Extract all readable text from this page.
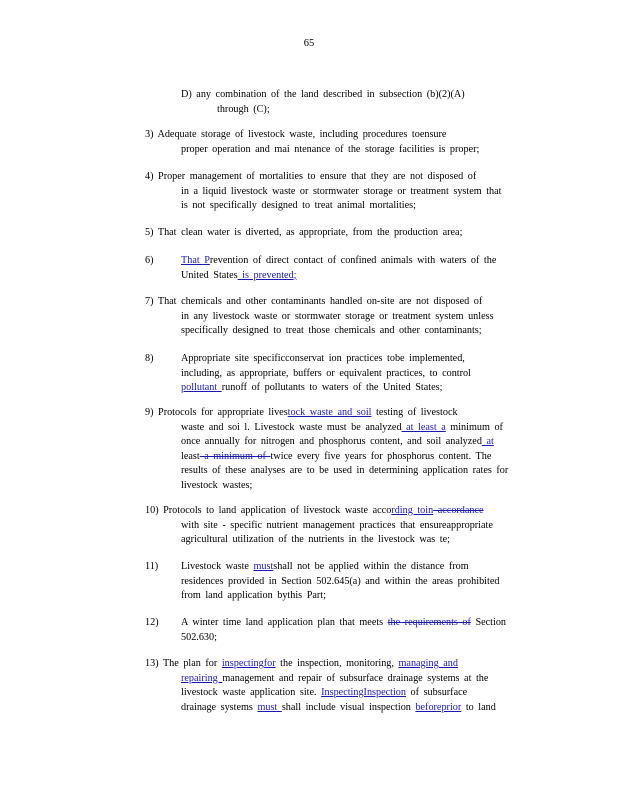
65
D) any combination of the land described in subsection (b)(2)(A)
through (C);
3) Adequate storage of livestock waste, including procedures toensure
proper operation and mai ntenance of the storage facilities is proper;
4) Proper management of mortalities to ensure that they are not disposed of
in a liquid livestock waste or stormwater storage or treatment system that
is not specifically designed to treat animal mortalities;
5) That clean water is diverted, as appropriate, from the production area;
6)	That Prevention of direct contact of confined animals with waters of the
United States is prevented;
7) That chemicals and other contaminants handled on-site are not disposed of
in any livestock waste or stormwater storage or treatment system unless
specifically designed to treat those chemicals and other contaminants;
8)	Appropriate site specificconservat ion practices tobe implemented,
including, as appropriate, buffers or equivalent practices, to control
pollutant runoff of pollutants to waters of the United States;
9) Protocols for appropriate livestock waste and soil testing of livestock
waste and soi l. Livestock waste must be analyzed at least a minimum of
once annually for nitrogen and phosphorus content, and soil analyzed at
least a minimum of twice every five years for phosphorus content. The
results of these analyses are to be used in determining application rates for
livestock wastes;
10) Protocols to land application of livestock waste according toin accordance
with site - specific nutrient management practices that ensureappropriate
agricultural utilization of the nutrients in the livestock was te;
11)	Livestock waste mustshall not be applied within the distance from
residences provided in Section 502.645(a) and within the areas prohibited
from land application bythis Part;
12)	A winter time land application plan that meets the requirements of Section
502.630;
13) The plan for inspectingfor the inspection, monitoring, managing and
repairing management and repair of subsurface drainage systems at the
livestock waste application site. InspectingInspection of subsurface
drainage systems must shall include visual inspection beforeprior to land
